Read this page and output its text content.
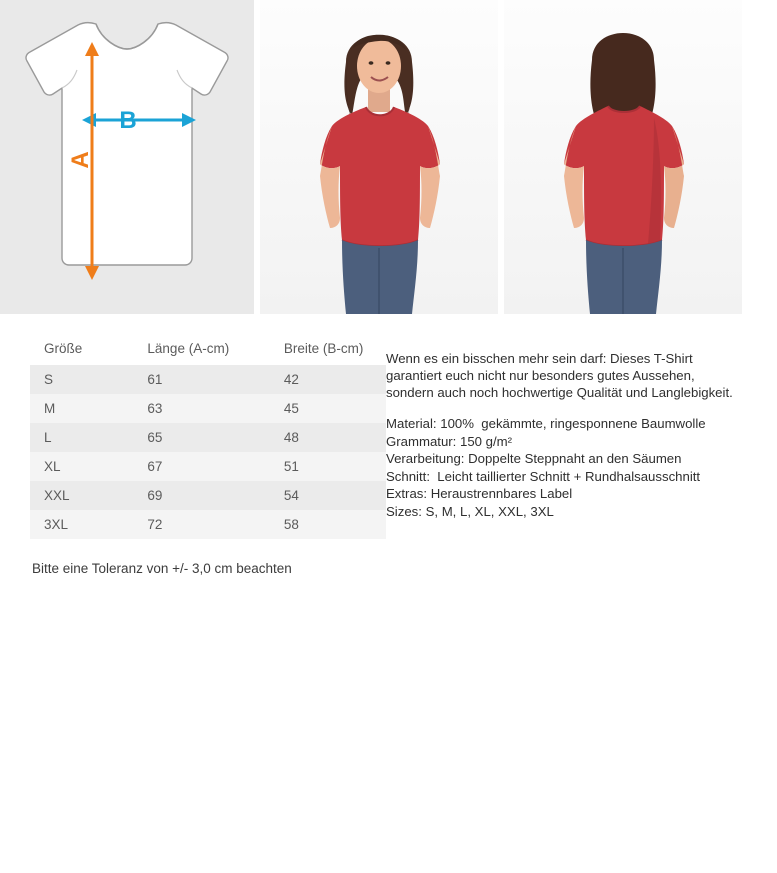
B
A
Größe	Länge (A-cm)	Breite (B-cm)
S	61	42
M	63	45
L	65	48
XL	67	51
XXL	69	54
3XL	72	58
Bitte eine Toleranz von +/- 3,0 cm beachten

Wenn es ein bisschen mehr sein darf: Dieses T-Shirt garantiert euch nicht nur besonders gutes Aussehen, sondern auch noch hochwertige Qualität und Langlebigkeit.

Material: 100%  gekämmte, ringesponnene Baumwolle
Grammatur: 150 g/m²
Verarbeitung: Doppelte Steppnaht an den Säumen
Schnitt:  Leicht taillierter Schnitt + Rundhalsausschnitt
Extras: Heraustrennbares Label
Sizes: S, M, L, XL, XXL, 3XL
